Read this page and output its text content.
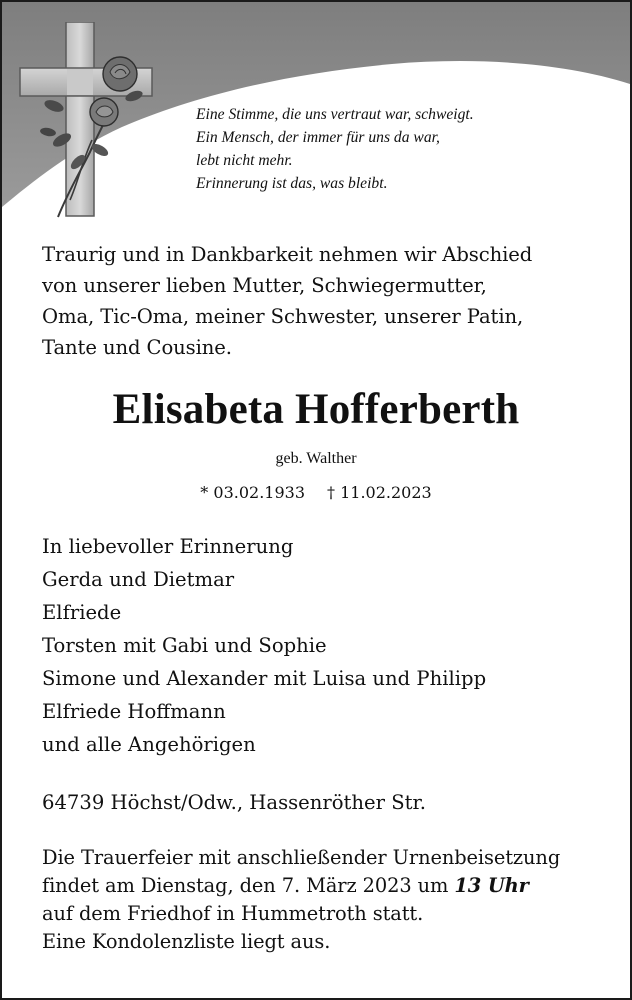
Eine Stimme, die uns vertraut war, schweigt.
Ein Mensch, der immer für uns da war,
lebt nicht mehr.
Erinnerung ist das, was bleibt.
Traurig und in Dankbarkeit nehmen wir Abschied
von unserer lieben Mutter, Schwiegermutter,
Oma, Tic-Oma, meiner Schwester, unserer Patin,
Tante und Cousine.
Elisabeta Hofferberth
geb. Walther
* 03.02.1933 † 11.02.2023
In liebevoller Erinnerung
Gerda und Dietmar
Elfriede
Torsten mit Gabi und Sophie
Simone und Alexander mit Luisa und Philipp
Elfriede Hoffmann
und alle Angehörigen
64739 Höchst/Odw., Hassenröther Str.
Die Trauerfeier mit anschließender Urnenbeisetzung
findet am Dienstag, den 7. März 2023 um 13 Uhr
auf dem Friedhof in Hummetroth statt.
Eine Kondolenzliste liegt aus.
